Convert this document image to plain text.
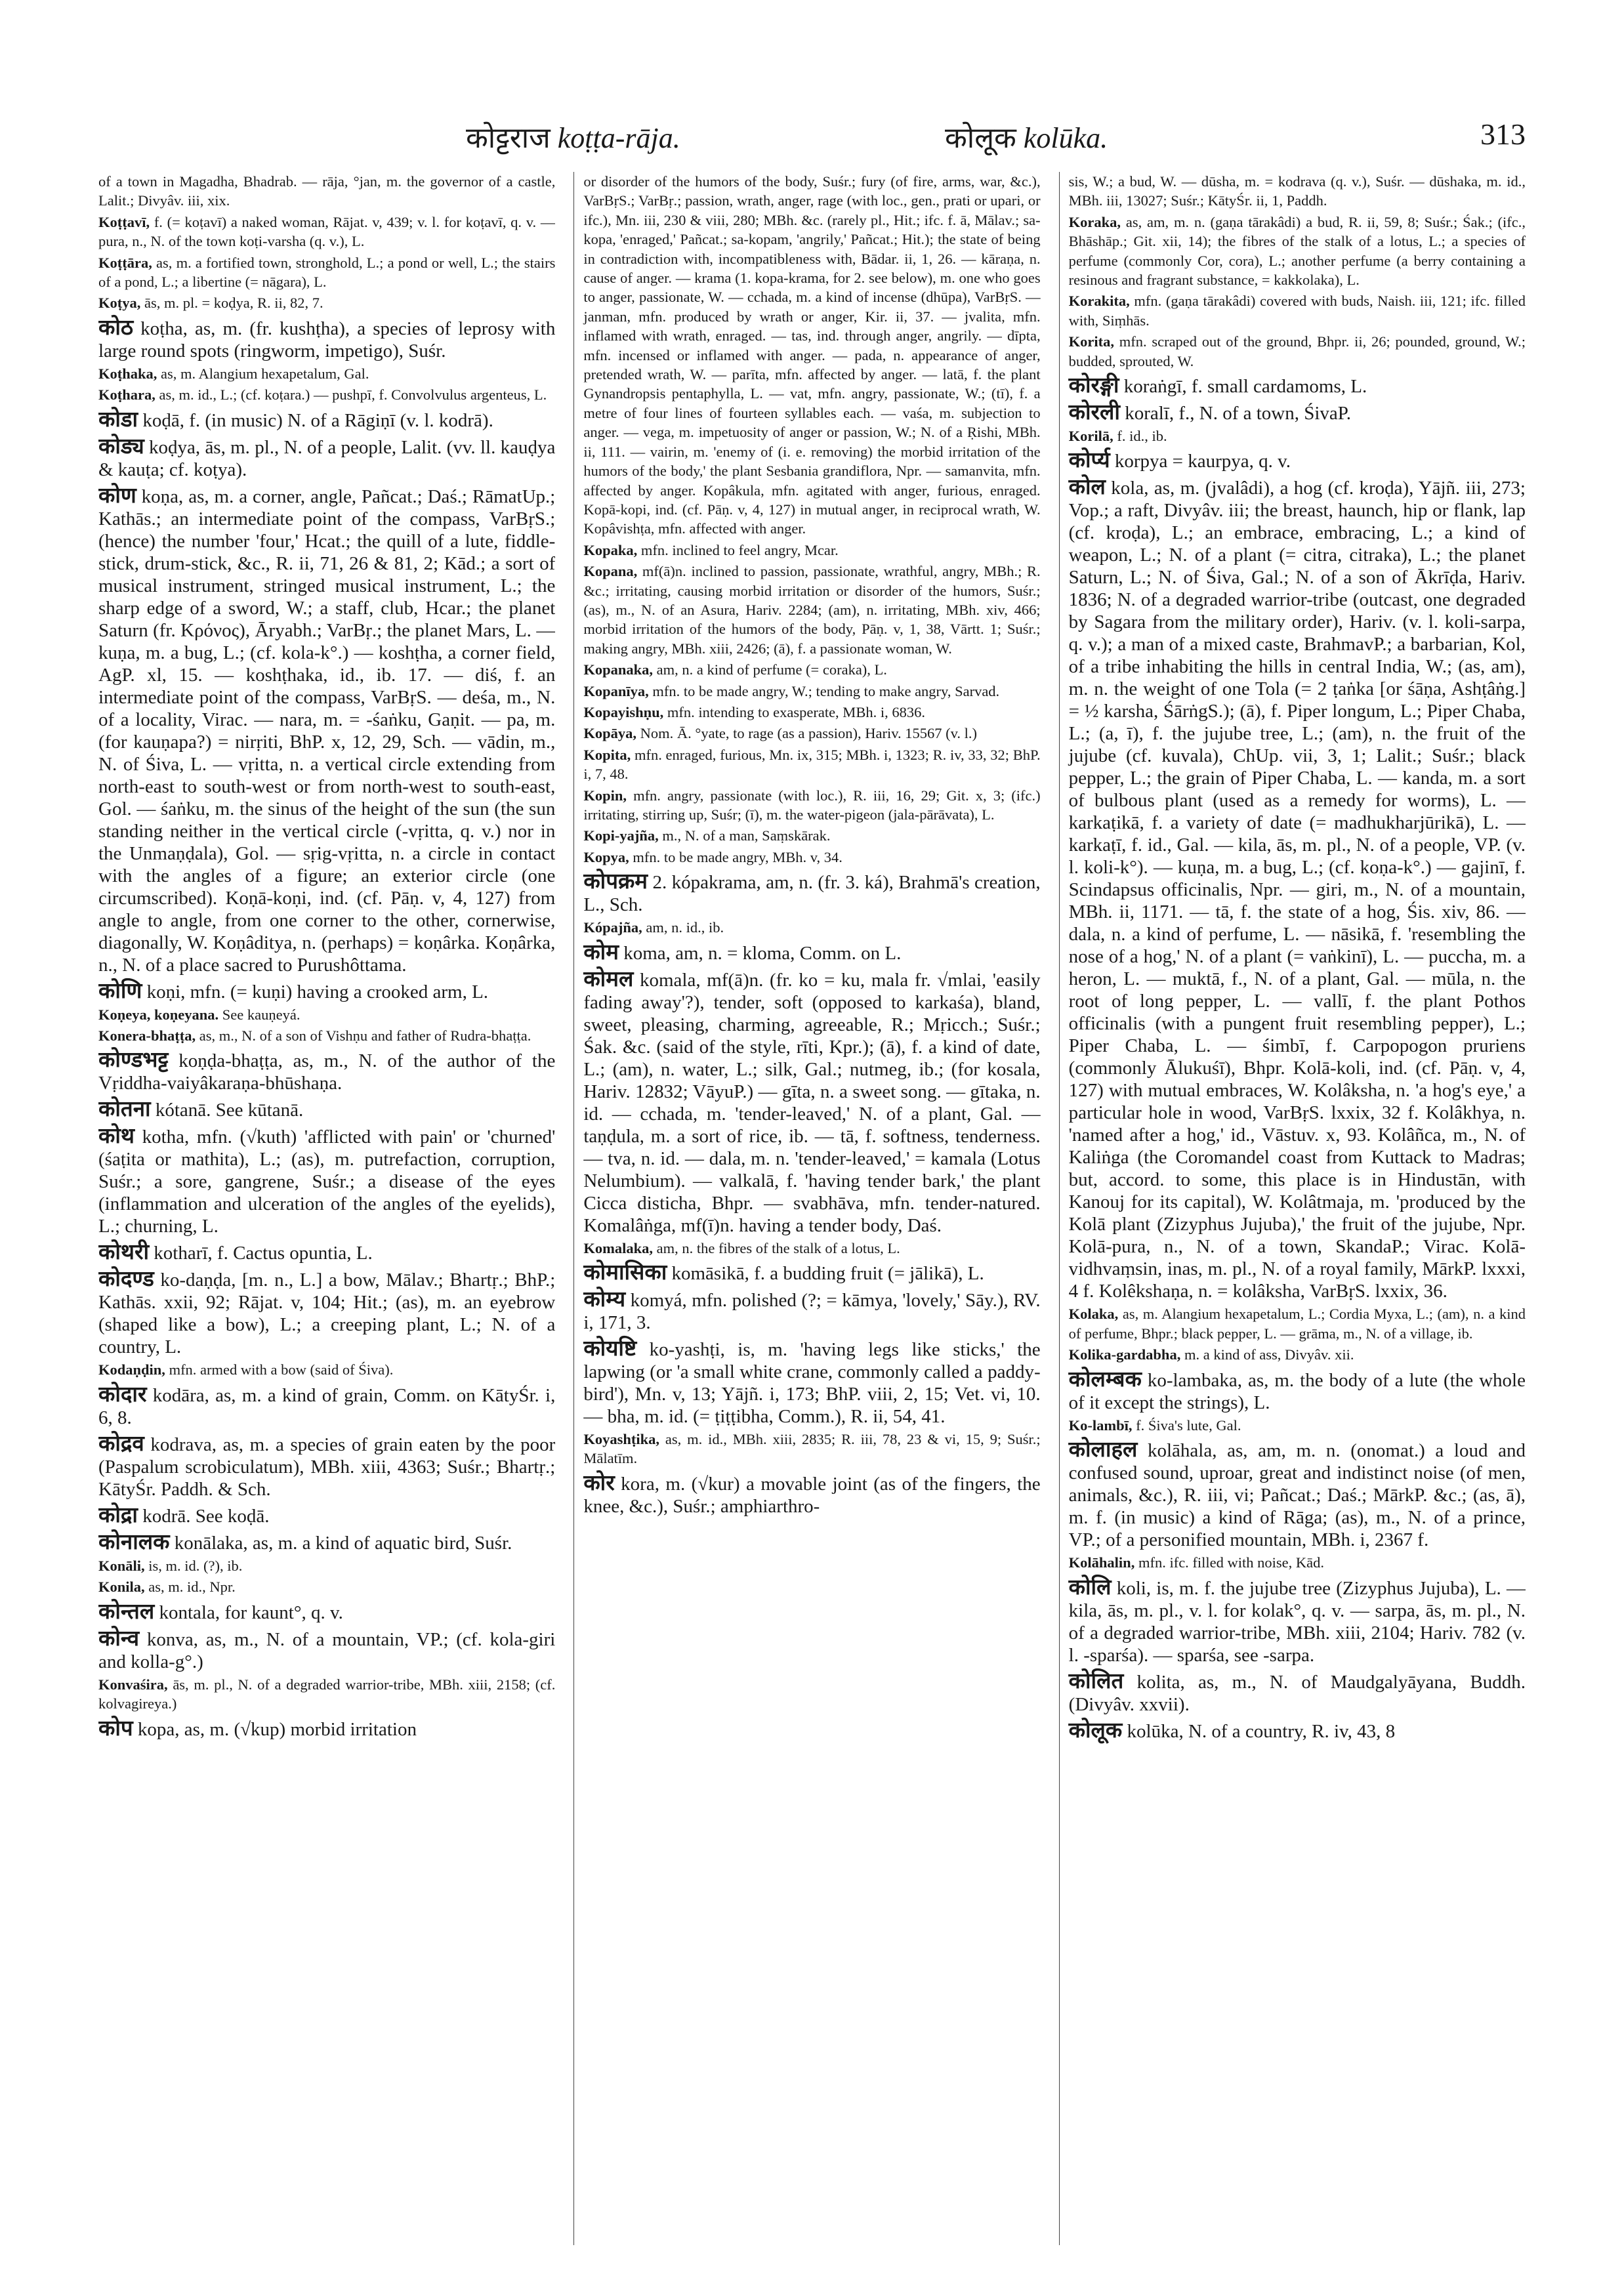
कोट्टराज koṭṭa-rāja.	कोलूक kolūka.	313

of a town in Magadha, Bhadrab. — rāja, °jan, m. the governor of a castle, Lalit.; Divyâv. iii, xix.

Koṭṭavī, f. (= koṭavī) a naked woman, Rājat. v, 439; v. l. for koṭavī, q. v. — pura, n., N. of the town koṭi-varsha (q. v.), L.

Koṭṭāra, as, m. a fortified town, stronghold, L.; a pond or well, L.; the stairs of a pond, L.; a libertine (= nāgara), L.

Koṭya, ās, m. pl. = koḍya, R. ii, 82, 7.

कोठ koṭha, as, m. (fr. kushṭha), a species of leprosy with large round spots (ringworm, impetigo), Suśr.

Koṭhaka, as, m. Alangium hexapetalum, Gal.

Koṭhara, as, m. id., L.; (cf. koṭara.) — pushpī, f. Convolvulus argenteus, L.

कोडा koḍā, f. (in music) N. of a Rāgiṇī (v. l. kodrā).

कोड्य koḍya, ās, m. pl., N. of a people, Lalit. (vv. ll. kauḍya & kauṭa; cf. koṭya).

कोण koṇa, as, m. a corner, angle, Pañcat.; Daś.; RāmatUp.; Kathās.; an intermediate point of the compass, VarBṛS.; (hence) the number 'four,' Hcat.; the quill of a lute, fiddle-stick, drum-stick, &c., R. ii, 71, 26 & 81, 2; Kād.; a sort of musical instrument, stringed musical instrument, L.; the sharp edge of a sword, W.; a staff, club, Hcar.; the planet Saturn (fr. Κρόνος), Āryabh.; VarBṛ.; the planet Mars, L. — kuṇa, m. a bug, L.; (cf. kola-k°.) — koshṭha, a corner field, AgP. xl, 15. — koshṭhaka, id., ib. 17. — diś, f. an intermediate point of the compass, VarBṛS. — deśa, m., N. of a locality, Virac. — nara, m. = -śaṅku, Gaṇit. — pa, m. (for kauṇapa?) = nirṛiti, BhP. x, 12, 29, Sch. — vādin, m., N. of Śiva, L. — vṛitta, n. a vertical circle extending from north-east to south-west or from north-west to south-east, Gol. — śaṅku, m. the sinus of the height of the sun (the sun standing neither in the vertical circle (-vṛitta, q. v.) nor in the Unmaṇḍala), Gol. — sṛig-vṛitta, n. a circle in contact with the angles of a figure; an exterior circle (one circumscribed). Koṇā-koṇi, ind. (cf. Pāṇ. v, 4, 127) from angle to angle, from one corner to the other, cornerwise, diagonally, W. Koṇâditya, n. (perhaps) = koṇârka. Koṇârka, n., N. of a place sacred to Purushôttama.

कोणि koṇi, mfn. (= kuṇi) having a crooked arm, L.

Koṇeya, koṇeyana. See kauṇeyá.

Konera-bhaṭṭa, as, m., N. of a son of Vishṇu and father of Rudra-bhaṭṭa.

कोण्डभट्ट koṇḍa-bhaṭṭa, as, m., N. of the author of the Vṛiddha-vaiyâkaraṇa-bhūshaṇa.

कोतना kótanā. See kūtanā.

कोथ kotha, mfn. (√kuth) 'afflicted with pain' or 'churned' (śaṭita or mathita), L.; (as), m. putrefaction, corruption, Suśr.; a sore, gangrene, Suśr.; a disease of the eyes (inflammation and ulceration of the angles of the eyelids), L.; churning, L.

कोथरी kotharī, f. Cactus opuntia, L.

कोदण्ड ko-daṇḍa, [m. n., L.] a bow, Mālav.; Bhartṛ.; BhP.; Kathās. xxii, 92; Rājat. v, 104; Hit.; (as), m. an eyebrow (shaped like a bow), L.; a creeping plant, L.; N. of a country, L.

Kodaṇḍin, mfn. armed with a bow (said of Śiva).

कोदार kodāra, as, m. a kind of grain, Comm. on KātyŚr. i, 6, 8.

कोद्रव kodrava, as, m. a species of grain eaten by the poor (Paspalum scrobiculatum), MBh. xiii, 4363; Suśr.; Bhartṛ.; KātyŚr. Paddh. & Sch.

कोद्रा kodrā. See koḍā.

कोनालक konālaka, as, m. a kind of aquatic bird, Suśr.

Konāli, is, m. id. (?), ib.

Konila, as, m. id., Npr.

कोन्तल kontala, for kaunt°, q. v.

कोन्व konva, as, m., N. of a mountain, VP.; (cf. kola-giri and kolla-g°.)

Konvaśira, ās, m. pl., N. of a degraded warrior-tribe, MBh. xiii, 2158; (cf. kolvagireya.)

कोप kopa, as, m. (√kup) morbid irritation

or disorder of the humors of the body, Suśr.; fury (of fire, arms, war, &c.), VarBṛS.; VarBṛ.; passion, wrath, anger, rage (with loc., gen., prati or upari, or ifc.), Mn. iii, 230 & viii, 280; MBh. &c. (rarely pl., Hit.; ifc. f. ā, Mālav.; sa-kopa, 'enraged,' Pañcat.; sa-kopam, 'angrily,' Pañcat.; Hit.); the state of being in contradiction with, incompatibleness with, Bādar. ii, 1, 26. — kāraṇa, n. cause of anger. — krama (1. kopa-krama, for 2. see below), m. one who goes to anger, passionate, W. — cchada, m. a kind of incense (dhūpa), VarBṛS. — janman, mfn. produced by wrath or anger, Kir. ii, 37. — jvalita, mfn. inflamed with wrath, enraged. — tas, ind. through anger, angrily. — dīpta, mfn. incensed or inflamed with anger. — pada, n. appearance of anger, pretended wrath, W. — parīta, mfn. affected by anger. — latā, f. the plant Gynandropsis pentaphylla, L. — vat, mfn. angry, passionate, W.; (tī), f. a metre of four lines of fourteen syllables each. — vaśa, m. subjection to anger. — vega, m. impetuosity of anger or passion, W.; N. of a Ṛishi, MBh. ii, 111. — vairin, m. 'enemy of (i. e. removing) the morbid irritation of the humors of the body,' the plant Sesbania grandiflora, Npr. — samanvita, mfn. affected by anger. Kopâkula, mfn. agitated with anger, furious, enraged. Kopā-kopi, ind. (cf. Pāṇ. v, 4, 127) in mutual anger, in reciprocal wrath, W. Kopâvishṭa, mfn. affected with anger.

Kopaka, mfn. inclined to feel angry, Mcar.

Kopana, mf(ā)n. inclined to passion, passionate, wrathful, angry, MBh.; R. &c.; irritating, causing morbid irritation or disorder of the humors, Suśr.; (as), m., N. of an Asura, Hariv. 2284; (am), n. irritating, MBh. xiv, 466; morbid irritation of the humors of the body, Pāṇ. v, 1, 38, Vārtt. 1; Suśr.; making angry, MBh. xiii, 2426; (ā), f. a passionate woman, W.

Kopanaka, am, n. a kind of perfume (= coraka), L.

Kopanīya, mfn. to be made angry, W.; tending to make angry, Sarvad.

Kopayishṇu, mfn. intending to exasperate, MBh. i, 6836.

Kopāya, Nom. Ā. °yate, to rage (as a passion), Hariv. 15567 (v. l.)

Kopita, mfn. enraged, furious, Mn. ix, 315; MBh. i, 1323; R. iv, 33, 32; BhP. i, 7, 48.

Kopin, mfn. angry, passionate (with loc.), R. iii, 16, 29; Git. x, 3; (ifc.) irritating, stirring up, Suśr; (ī), m. the water-pigeon (jala-pārāvata), L.

Kopi-yajña, m., N. of a man, Saṃskārak.

Kopya, mfn. to be made angry, MBh. v, 34.

कोपक्रम 2. kópakrama, am, n. (fr. 3. ká), Brahmā's creation, L., Sch.

Kópajña, am, n. id., ib.

कोम koma, am, n. = kloma, Comm. on L.

कोमल komala, mf(ā)n. (fr. ko = ku, mala fr. √mlai, 'easily fading away'?), tender, soft (opposed to karkaśa), bland, sweet, pleasing, charming, agreeable, R.; Mṛicch.; Suśr.; Śak. &c. (said of the style, rīti, Kpr.); (ā), f. a kind of date, L.; (am), n. water, L.; silk, Gal.; nutmeg, ib.; (for kosala, Hariv. 12832; VāyuP.) — gīta, n. a sweet song. — gītaka, n. id. — cchada, m. 'tender-leaved,' N. of a plant, Gal. — taṇḍula, m. a sort of rice, ib. — tā, f. softness, tenderness. — tva, n. id. — dala, m. n. 'tender-leaved,' = kamala (Lotus Nelumbium). — valkalā, f. 'having tender bark,' the plant Cicca disticha, Bhpr. — svabhāva, mfn. tender-natured. Komalâṅga, mf(ī)n. having a tender body, Daś.

Komalaka, am, n. the fibres of the stalk of a lotus, L.

कोमासिका komāsikā, f. a budding fruit (= jālikā), L.

कोम्य komyá, mfn. polished (?; = kāmya, 'lovely,' Sāy.), RV. i, 171, 3.

कोयष्टि ko-yashṭi, is, m. 'having legs like sticks,' the lapwing (or 'a small white crane, commonly called a paddy-bird'), Mn. v, 13; Yājñ. i, 173; BhP. viii, 2, 15; Vet. vi, 10. — bha, m. id. (= ṭiṭṭibha, Comm.), R. ii, 54, 41.

Koyashṭika, as, m. id., MBh. xiii, 2835; R. iii, 78, 23 & vi, 15, 9; Suśr.; Mālatīm.

कोर kora, m. (√kur) a movable joint (as of the fingers, the knee, &c.), Suśr.; amphiarthro-

sis, W.; a bud, W. — dūsha, m. = kodrava (q. v.), Suśr. — dūshaka, m. id., MBh. iii, 13027; Suśr.; KātyŚr. ii, 1, Paddh.

Koraka, as, am, m. n. (gaṇa tārakâdi) a bud, R. ii, 59, 8; Suśr.; Śak.; (ifc., Bhāshāp.; Git. xii, 14); the fibres of the stalk of a lotus, L.; a species of perfume (commonly Cor, cora), L.; another perfume (a berry containing a resinous and fragrant substance, = kakkolaka), L.

Korakita, mfn. (gaṇa tārakâdi) covered with buds, Naish. iii, 121; ifc. filled with, Siṃhās.

Korita, mfn. scraped out of the ground, Bhpr. ii, 26; pounded, ground, W.; budded, sprouted, W.

कोरङ्गी koraṅgī, f. small cardamoms, L.

कोरली koralī, f., N. of a town, ŚivaP.

Korilā, f. id., ib.

कोर्प्य korpya = kaurpya, q. v.

कोल kola, as, m. (jvalâdi), a hog (cf. kroḍa), Yājñ. iii, 273; Vop.; a raft, Divyâv. iii; the breast, haunch, hip or flank, lap (cf. kroḍa), L.; an embrace, embracing, L.; a kind of weapon, L.; N. of a plant (= citra, citraka), L.; the planet Saturn, L.; N. of Śiva, Gal.; N. of a son of Ākrīḍa, Hariv. 1836; N. of a degraded warrior-tribe (outcast, one degraded by Sagara from the military order), Hariv. (v. l. koli-sarpa, q. v.); a man of a mixed caste, BrahmavP.; a barbarian, Kol, of a tribe inhabiting the hills in central India, W.; (as, am), m. n. the weight of one Tola (= 2 ṭaṅka [or śāṇa, Ashṭâṅg.] = ½ karsha, ŚārṅgS.); (ā), f. Piper longum, L.; Piper Chaba, L.; (a, ī), f. the jujube tree, L.; (am), n. the fruit of the jujube (cf. kuvala), ChUp. vii, 3, 1; Lalit.; Suśr.; black pepper, L.; the grain of Piper Chaba, L. — kanda, m. a sort of bulbous plant (used as a remedy for worms), L. — karkaṭikā, f. a variety of date (= madhukharjūrikā), L. — karkaṭī, f. id., Gal. — kila, ās, m. pl., N. of a people, VP. (v. l. koli-k°). — kuṇa, m. a bug, L.; (cf. koṇa-k°.) — gajinī, f. Scindapsus officinalis, Npr. — giri, m., N. of a mountain, MBh. ii, 1171. — tā, f. the state of a hog, Śis. xiv, 86. — dala, n. a kind of perfume, L. — nāsikā, f. 'resembling the nose of a hog,' N. of a plant (= vaṅkinī), L. — puccha, m. a heron, L. — muktā, f., N. of a plant, Gal. — mūla, n. the root of long pepper, L. — vallī, f. the plant Pothos officinalis (with a pungent fruit resembling pepper), L.; Piper Chaba, L. — śimbī, f. Carpopogon pruriens (commonly Ālukuśī), Bhpr. Kolā-koli, ind. (cf. Pāṇ. v, 4, 127) with mutual embraces, W. Kolâksha, n. 'a hog's eye,' a particular hole in wood, VarBṛS. lxxix, 32 f. Kolâkhya, n. 'named after a hog,' id., Vāstuv. x, 93. Kolâñca, m., N. of Kaliṅga (the Coromandel coast from Kuttack to Madras; but, accord. to some, this place is in Hindustān, with Kanouj for its capital), W. Kolâtmaja, m. 'produced by the Kolā plant (Zizyphus Jujuba),' the fruit of the jujube, Npr. Kolā-pura, n., N. of a town, SkandaP.; Virac. Kolā-vidhvaṃsin, inas, m. pl., N. of a royal family, MārkP. lxxxi, 4 f. Kolêkshaṇa, n. = kolâksha, VarBṛS. lxxix, 36.

Kolaka, as, m. Alangium hexapetalum, L.; Cordia Myxa, L.; (am), n. a kind of perfume, Bhpr.; black pepper, L. — grāma, m., N. of a village, ib.

Kolika-gardabha, m. a kind of ass, Divyâv. xii.

कोलम्बक ko-lambaka, as, m. the body of a lute (the whole of it except the strings), L.

Ko-lambī, f. Śiva's lute, Gal.

कोलाहल kolāhala, as, am, m. n. (onomat.) a loud and confused sound, uproar, great and indistinct noise (of men, animals, &c.), R. iii, vi; Pañcat.; Daś.; MārkP. &c.; (as, ā), m. f. (in music) a kind of Rāga; (as), m., N. of a prince, VP.; of a personified mountain, MBh. i, 2367 f.

Kolāhalin, mfn. ifc. filled with noise, Kād.

कोलि koli, is, m. f. the jujube tree (Zizyphus Jujuba), L. — kila, ās, m. pl., v. l. for kolak°, q. v. — sarpa, ās, m. pl., N. of a degraded warrior-tribe, MBh. xiii, 2104; Hariv. 782 (v. l. -sparśa). — sparśa, see -sarpa.

कोलित kolita, as, m., N. of Maudgalyāyana, Buddh. (Divyâv. xxvii).

कोलूक kolūka, N. of a country, R. iv, 43, 8
